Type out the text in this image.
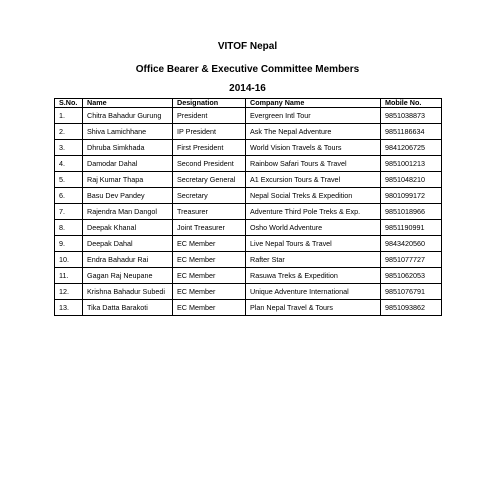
VITOF Nepal
Office Bearer & Executive Committee Members
2014-16
S.No.	Name	Designation	Company Name	Mobile No.
1.	Chitra Bahadur Gurung	President	Evergreen Intl Tour	9851038873
2.	Shiva Lamichhane	IP President	Ask The Nepal Adventure	9851186634
3.	Dhruba Simkhada	First President	World Vision Travels & Tours	9841206725
4.	Damodar Dahal	Second President	Rainbow Safari Tours & Travel	9851001213
5.	Raj Kumar Thapa	Secretary General	A1 Excursion Tours & Travel	9851048210
6.	Basu Dev Pandey	Secretary	Nepal Social Treks & Expedition	9801099172
7.	Rajendra Man Dangol	Treasurer	Adventure Third Pole Treks & Exp.	9851018966
8.	Deepak Khanal	Joint Treasurer	Osho World Adventure	9851190991
9.	Deepak Dahal	EC Member	Live Nepal Tours & Travel	9843420560
10.	Endra Bahadur Rai	EC Member	Rafter Star	9851077727
11.	Gagan Raj Neupane	EC Member	Rasuwa Treks & Expedition	9851062053
12.	Krishna Bahadur Subedi	EC Member	Unique Adventure International	9851076791
13.	Tika Datta Barakoti	EC Member	Plan Nepal Travel & Tours	9851093862
